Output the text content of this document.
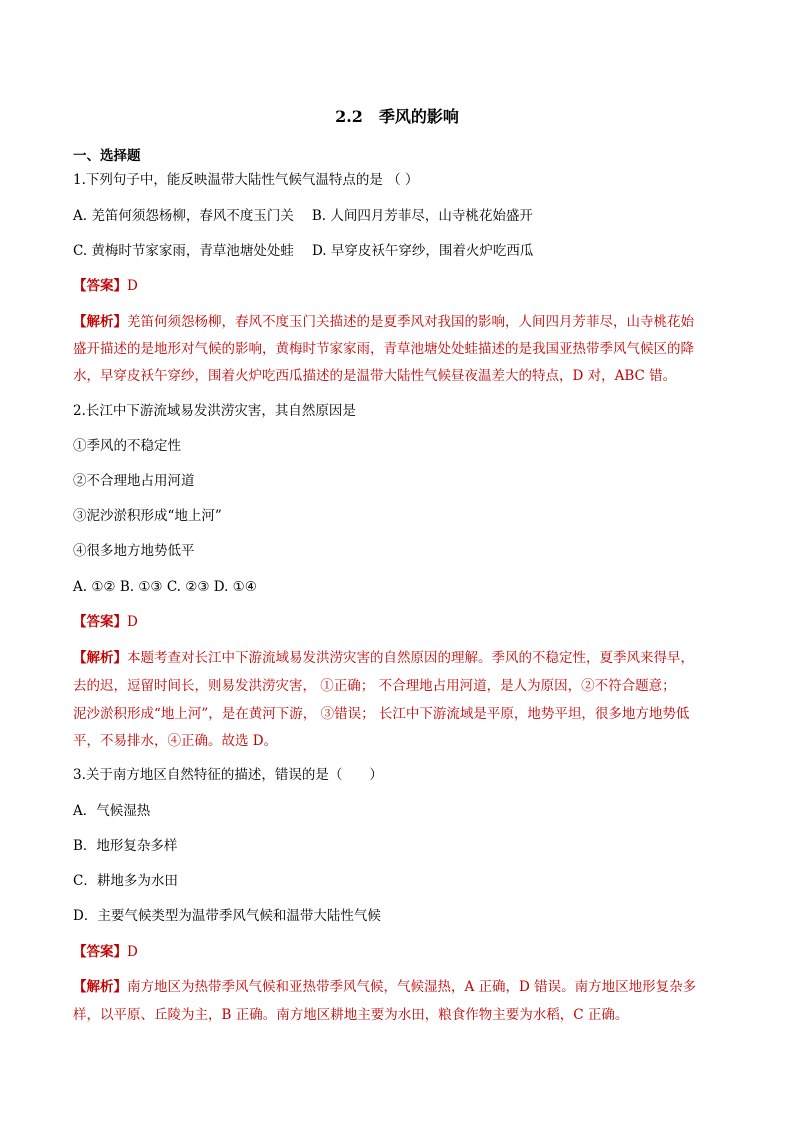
2.2　季风的影响
一、选择题
1.下列句子中，能反映温带大陆性气候气温特点的是 （ ）
A. 羌笛何须怨杨柳，春风不度玉门关 B. 人间四月芳菲尽，山寺桃花始盛开
C. 黄梅时节家家雨，青草池塘处处蛙 D. 早穿皮袄午穿纱，围着火炉吃西瓜
【答案】D
【解析】羌笛何须怨杨柳，春风不度玉门关描述的是夏季风对我国的影响，人间四月芳菲尽，山寺桃花始
盛开描述的是地形对气候的影响，黄梅时节家家雨，青草池塘处处蛙描述的是我国亚热带季风气候区的降
水，早穿皮袄午穿纱，围着火炉吃西瓜描述的是温带大陆性气候昼夜温差大的特点，D 对，ABC 错。
2.长江中下游流域易发洪涝灾害，其自然原因是
①季风的不稳定性
②不合理地占用河道
③泥沙淤积形成“地上河”
④很多地方地势低平
A. ①② B. ①③ C. ②③ D. ①④
【答案】D
【解析】本题考查对长江中下游流域易发洪涝灾害的自然原因的理解。季风的不稳定性，夏季风来得早，
去的迟，逗留时间长，则易发洪涝灾害， ①正确； 不合理地占用河道，是人为原因，②不符合题意；
泥沙淤积形成“地上河”，是在黄河下游， ③错误； 长江中下游流域是平原，地势平坦，很多地方地势低
平，不易排水，④正确。故选 D。
3.关于南方地区自然特征的描述，错误的是（　　）
A．气候湿热
B．地形复杂多样
C．耕地多为水田
D．主要气候类型为温带季风气候和温带大陆性气候
【答案】D
【解析】南方地区为热带季风气候和亚热带季风气候，气候湿热，A 正确，D 错误。南方地区地形复杂多
样，以平原、丘陵为主，B 正确。南方地区耕地主要为水田，粮食作物主要为水稻，C 正确。
